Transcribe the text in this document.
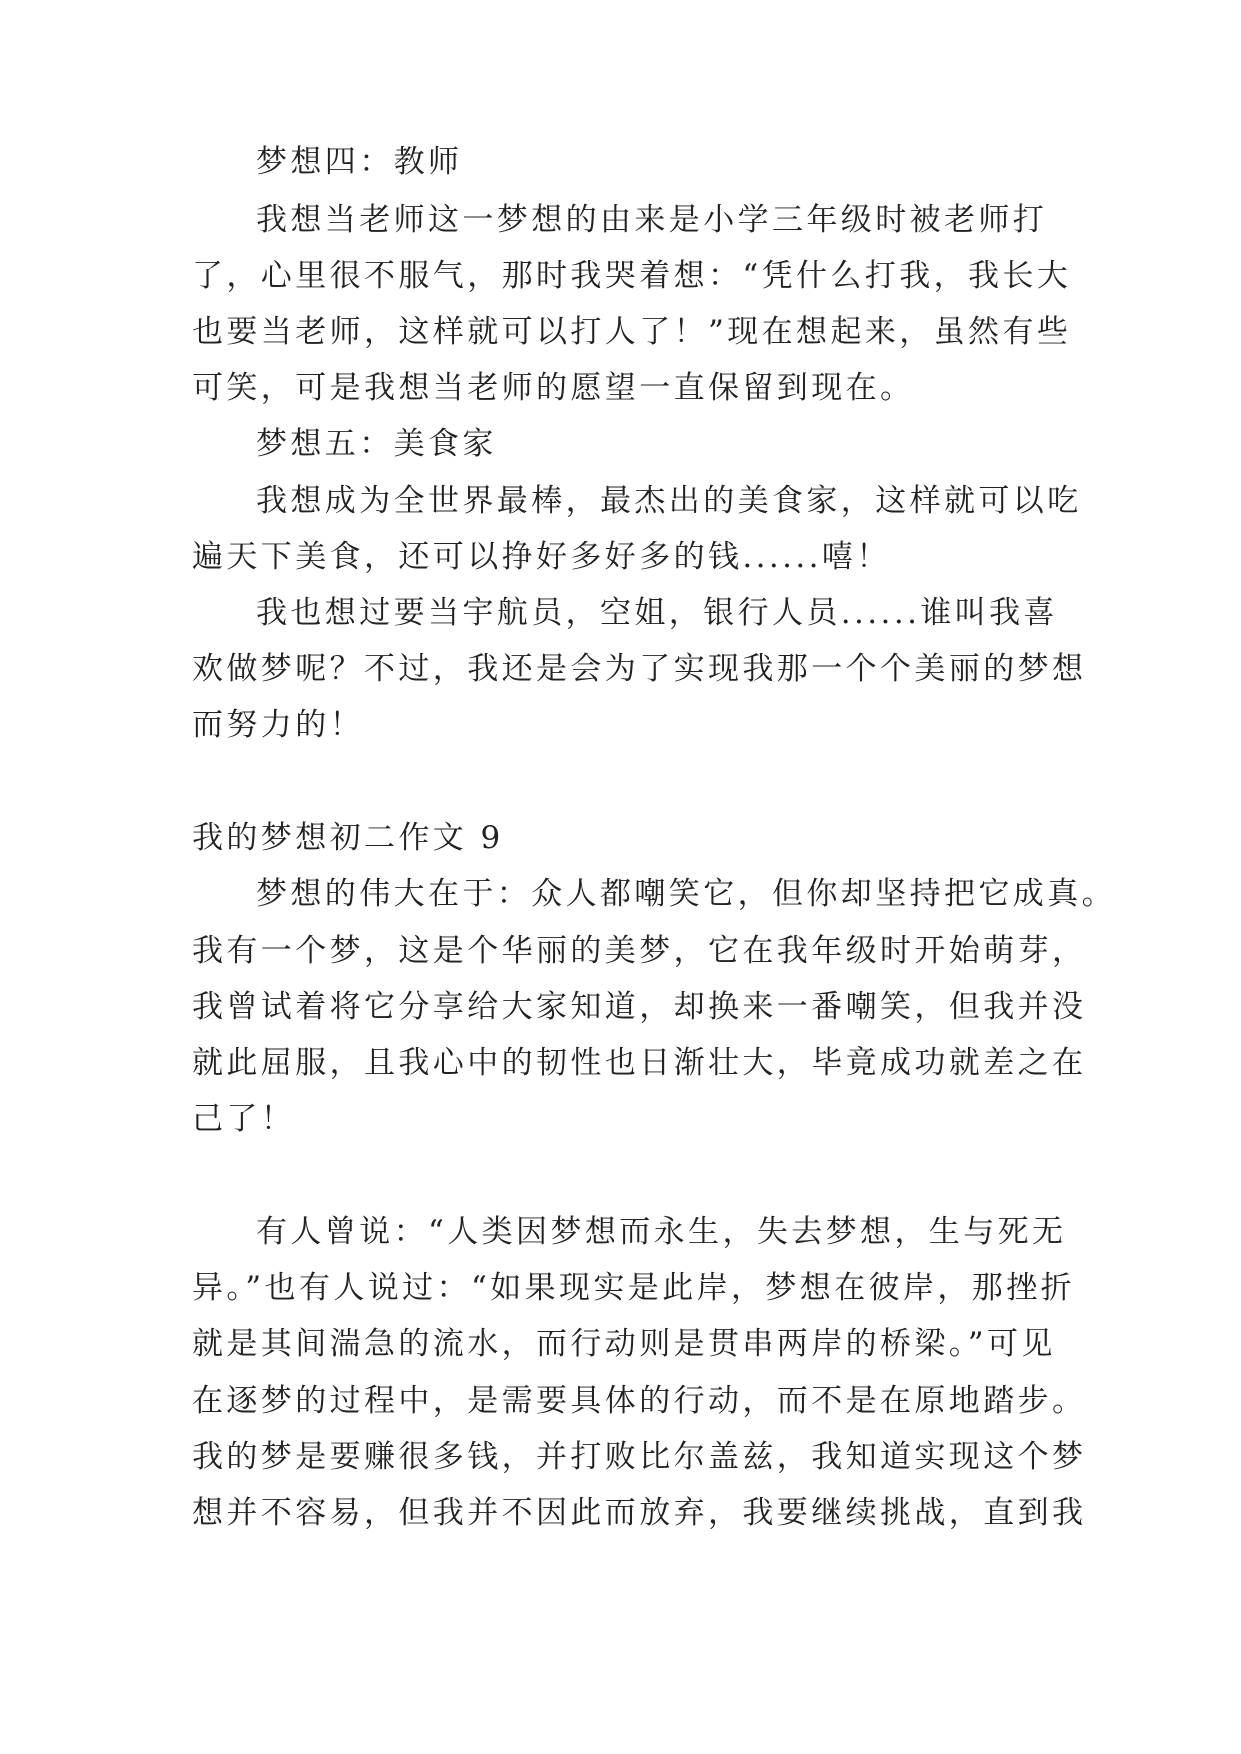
梦想四：教师

我想当老师这一梦想的由来是小学三年级时被老师打

了，心里很不服气，那时我哭着想：“凭什么打我，我长大

也要当老师，这样就可以打人了！”现在想起来，虽然有些

可笑，可是我想当老师的愿望一直保留到现在。

梦想五：美食家

我想成为全世界最棒，最杰出的美食家，这样就可以吃

遍天下美食，还可以挣好多好多的钱......嘻！

我也想过要当宇航员，空姐，银行人员......谁叫我喜

欢做梦呢？不过，我还是会为了实现我那一个个美丽的梦想

而努力的！

我的梦想初二作文 9

梦想的伟大在于：众人都嘲笑它，但你却坚持把它成真。

我有一个梦，这是个华丽的美梦，它在我年级时开始萌芽，

我曾试着将它分享给大家知道，却换来一番嘲笑，但我并没

就此屈服，且我心中的韧性也日渐壮大，毕竟成功就差之在

己了！

有人曾说：“人类因梦想而永生，失去梦想，生与死无

异。”也有人说过：“如果现实是此岸，梦想在彼岸，那挫折

就是其间湍急的流水，而行动则是贯串两岸的桥梁。”可见

在逐梦的过程中，是需要具体的行动，而不是在原地踏步。

我的梦是要赚很多钱，并打败比尔盖兹，我知道实现这个梦

想并不容易，但我并不因此而放弃，我要继续挑战，直到我
